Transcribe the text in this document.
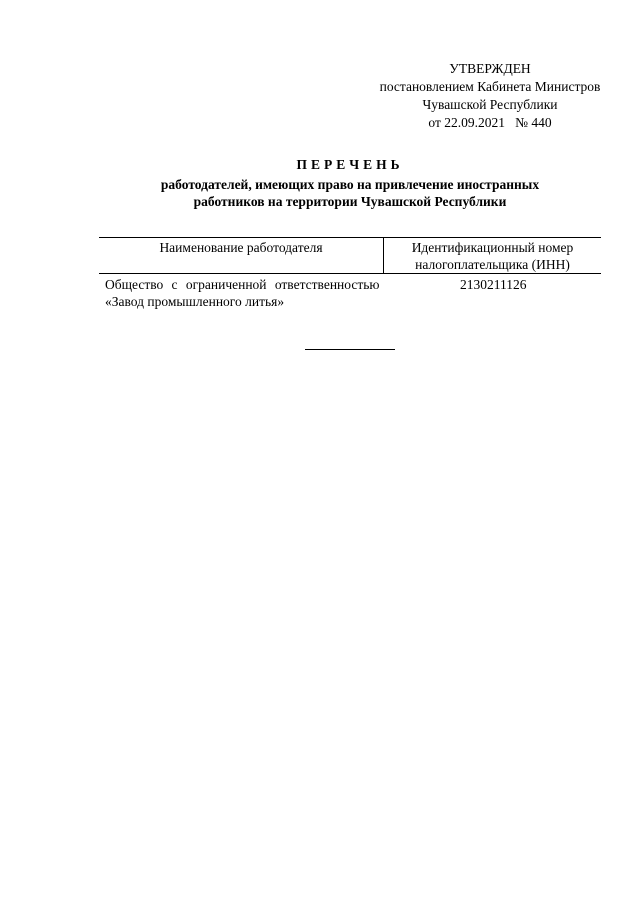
УТВЕРЖДЕН
постановлением Кабинета Министров
Чувашской Республики
от 22.09.2021   № 440
ПЕРЕЧЕНЬ
работодателей, имеющих право на привлечение иностранных
работников на территории Чувашской Республики
Наименование работодателя	Идентификационный номер
налогоплательщика (ИНН)

Общество с ограниченной ответственностью
«Завод промышленного литья»	2130211126
